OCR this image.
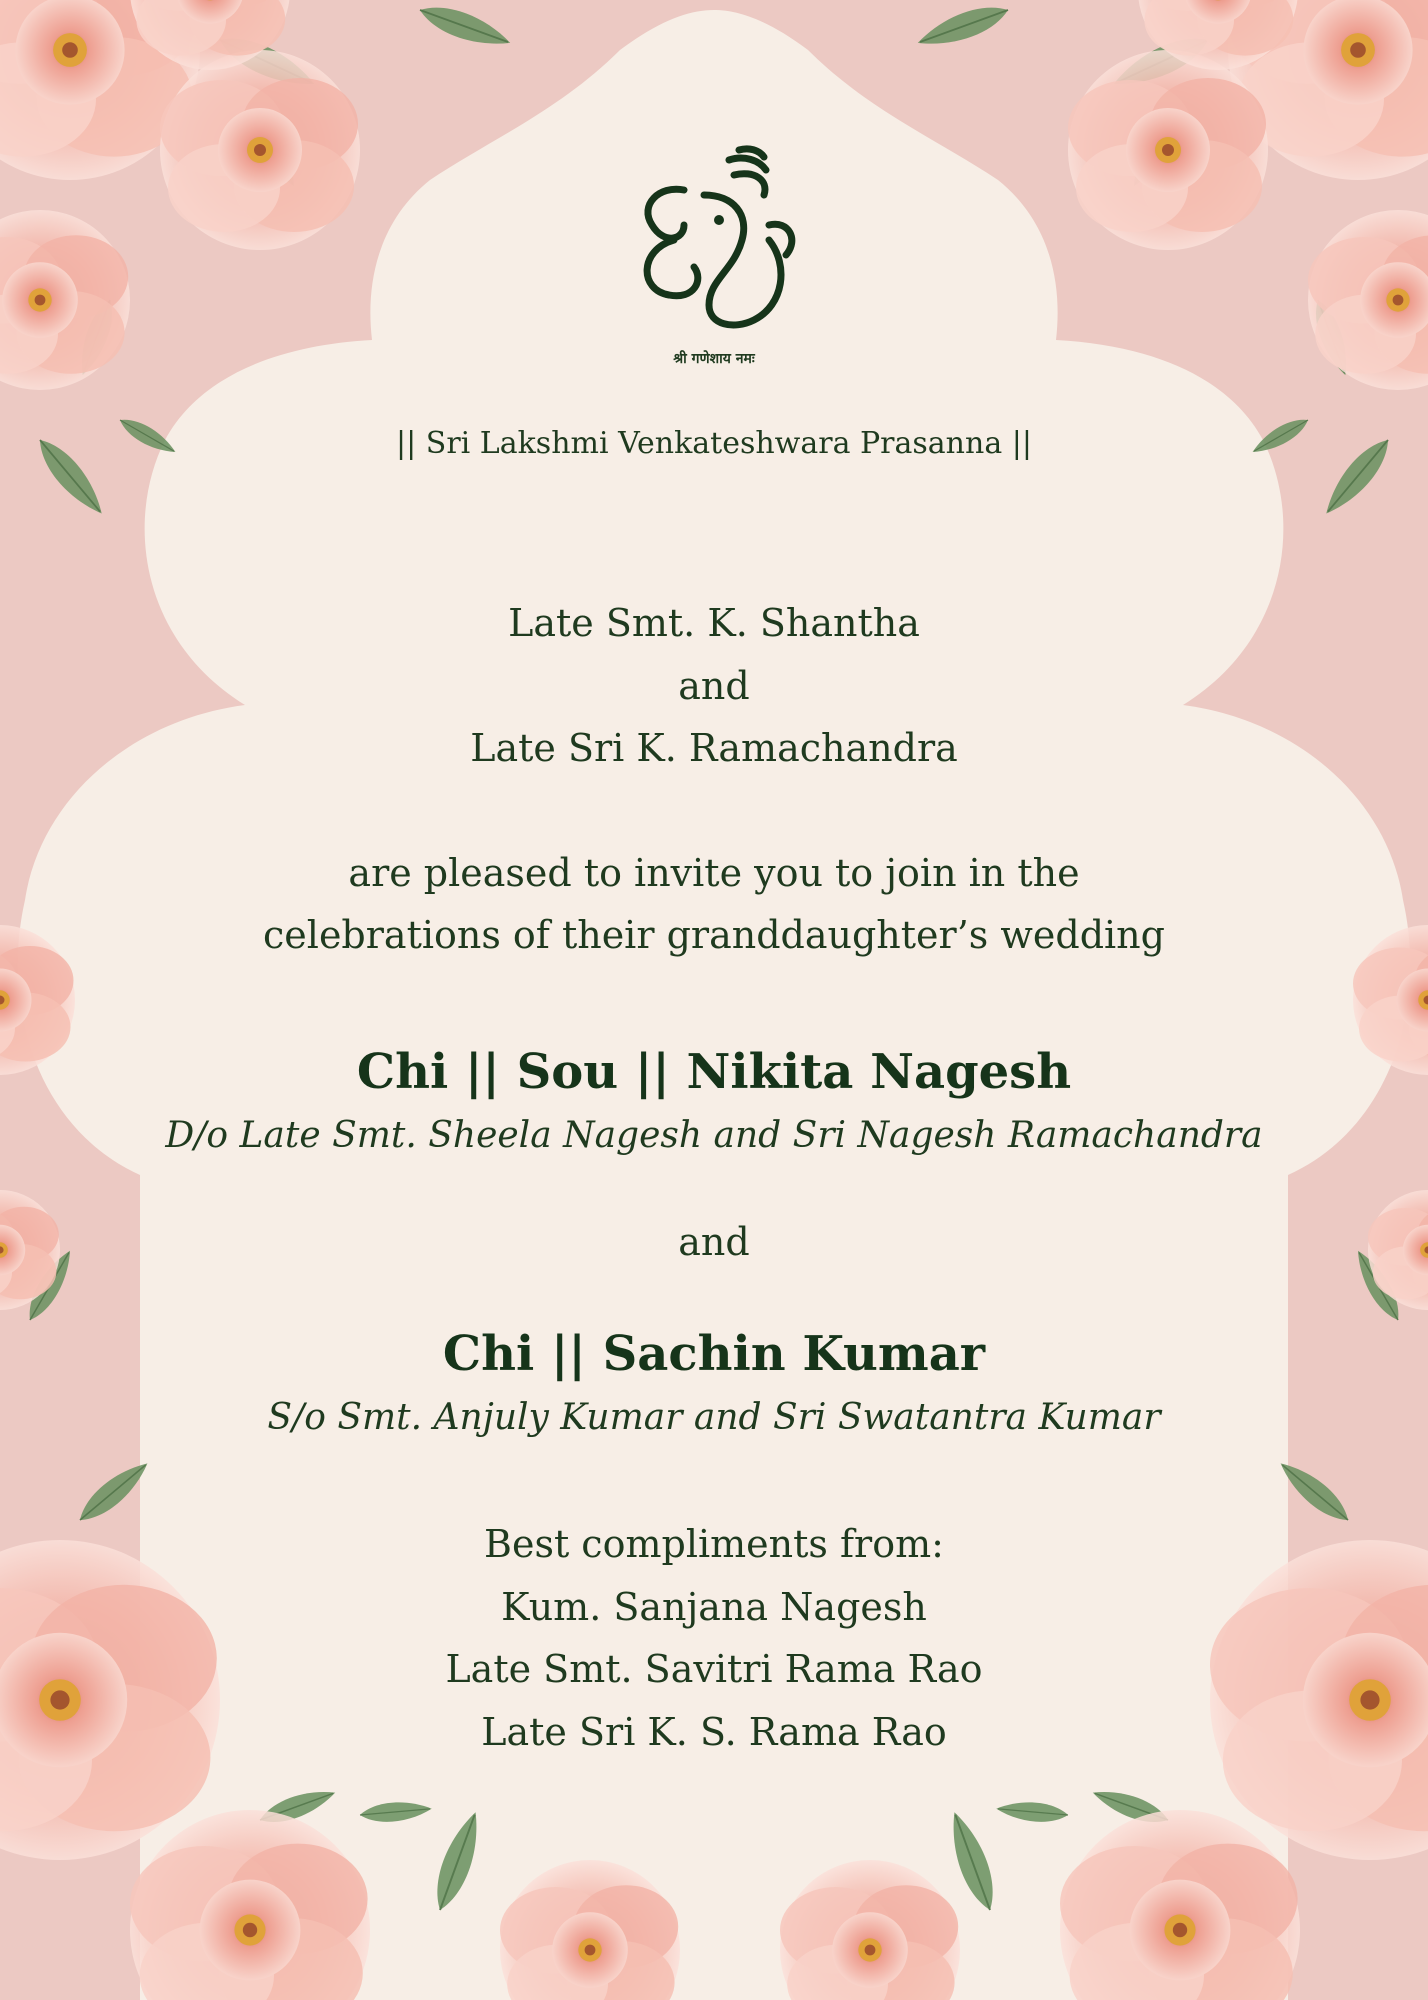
श्री गणेशाय नमः
|| Sri Lakshmi Venkateshwara Prasanna ||
Late Smt. K. Shantha
and
Late Sri K. Ramachandra
are pleased to invite you to join in the
celebrations of their granddaughter’s wedding
Chi || Sou || Nikita Nagesh
D/o Late Smt. Sheela Nagesh and Sri Nagesh Ramachandra
and
Chi || Sachin Kumar
S/o Smt. Anjuly Kumar and Sri Swatantra Kumar
Best compliments from:
Kum. Sanjana Nagesh
Late Smt. Savitri Rama Rao
Late Sri K. S. Rama Rao
